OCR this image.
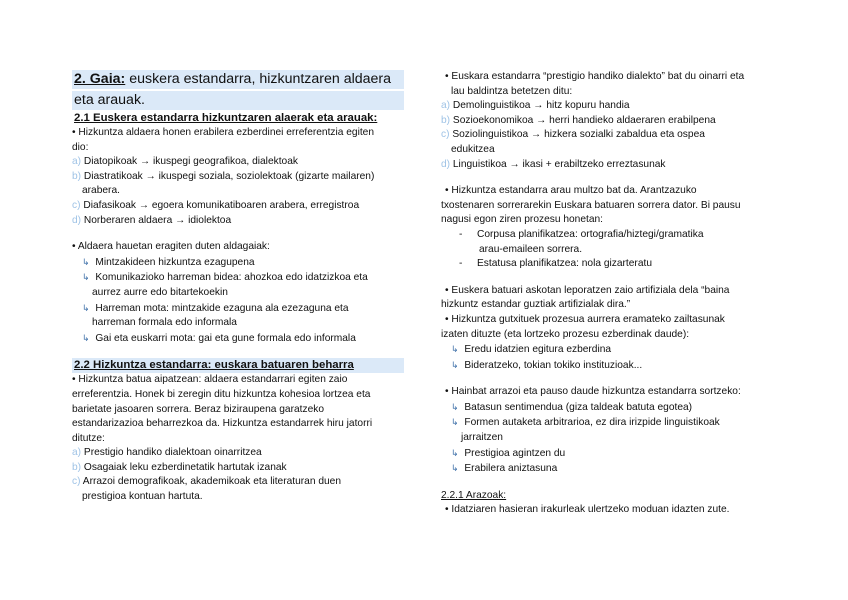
2. Gaia: euskera estandarra, hizkuntzaren aldaera
eta arauak.
2.1 Euskera estandarra hizkuntzaren alaerak eta arauak:
• Hizkuntza aldaera honen erabilera ezberdinei erreferentzia egiten
dio:
a) Diatopikoak → ikuspegi geografikoa, dialektoak
b) Diastratikoak → ikuspegi soziala, soziolektoak (gizarte mailaren)
arabera.
c) Diafasikoak → egoera komunikatiboaren arabera, erregistroa
d) Norberaren aldaera → idiolektoa
• Aldaera hauetan eragiten duten aldagaiak:
↳ Mintzakideen hizkuntza ezagupena
↳ Komunikazioko harreman bidea: ahozkoa edo idatzizkoa eta
aurrez aurre edo bitartekoekin
↳ Harreman mota: mintzakide ezaguna ala ezezaguna eta
harreman formala edo informala
↳ Gai eta euskarri mota: gai eta gune formala edo informala
2.2 Hizkuntza estandarra: euskara batuaren beharra
• Hizkuntza batua aipatzean: aldaera estandarrari egiten zaio
erreferentzia. Honek bi zeregin ditu hizkuntza kohesioa lortzea eta
barietate jasoaren sorrera. Beraz biziraupena garatzeko
estandarizazioa beharrezkoa da. Hizkuntza estandarrek hiru jatorri
ditutze:
a) Prestigio handiko dialektoan oinarritzea
b) Osagaiak leku ezberdinetatik hartutak izanak
c) Arrazoi demografikoak, akademikoak eta literaturan duen
prestigioa kontuan hartuta.
• Euskara estandarra “prestigio handiko dialekto” bat du oinarri eta
lau baldintza betetzen ditu:
a) Demolinguistikoa → hitz kopuru handia
b) Sozioekonomikoa → herri handieko aldaeraren erabilpena
c) Soziolinguistikoa → hizkera sozialki zabaldua eta ospea
edukitzea
d) Linguistikoa → ikasi + erabiltzeko erreztasunak
• Hizkuntza estandarra arau multzo bat da. Arantzazuko
txostenaren sorrerarekin Euskara batuaren sorrera dator. Bi pausu
nagusi egon ziren prozesu honetan:
- Corpusa planifikatzea: ortografia/hiztegi/gramatika
arau-emaileen sorrera.
- Estatusa planifikatzea: nola gizarteratu
• Euskera batuari askotan leporatzen zaio artifiziala dela “baina
hizkuntz estandar guztiak artifizialak dira.”
• Hizkuntza gutxituek prozesua aurrera eramateko zailtasunak
izaten dituzte (eta lortzeko prozesu ezberdinak daude):
↳ Eredu idatzien egitura ezberdina
↳ Bideratzeko, tokian tokiko instituzioak...
• Hainbat arrazoi eta pauso daude hizkuntza estandarra sortzeko:
↳ Batasun sentimendua (giza taldeak batuta egotea)
↳ Formen autaketa arbitrarioa, ez dira irizpide linguistikoak
jarraitzen
↳ Prestigioa agintzen du
↳ Erabilera aniztasuna
2.2.1 Arazoak:
• Idatziaren hasieran irakurleak ulertzeko moduan idazten zute.
